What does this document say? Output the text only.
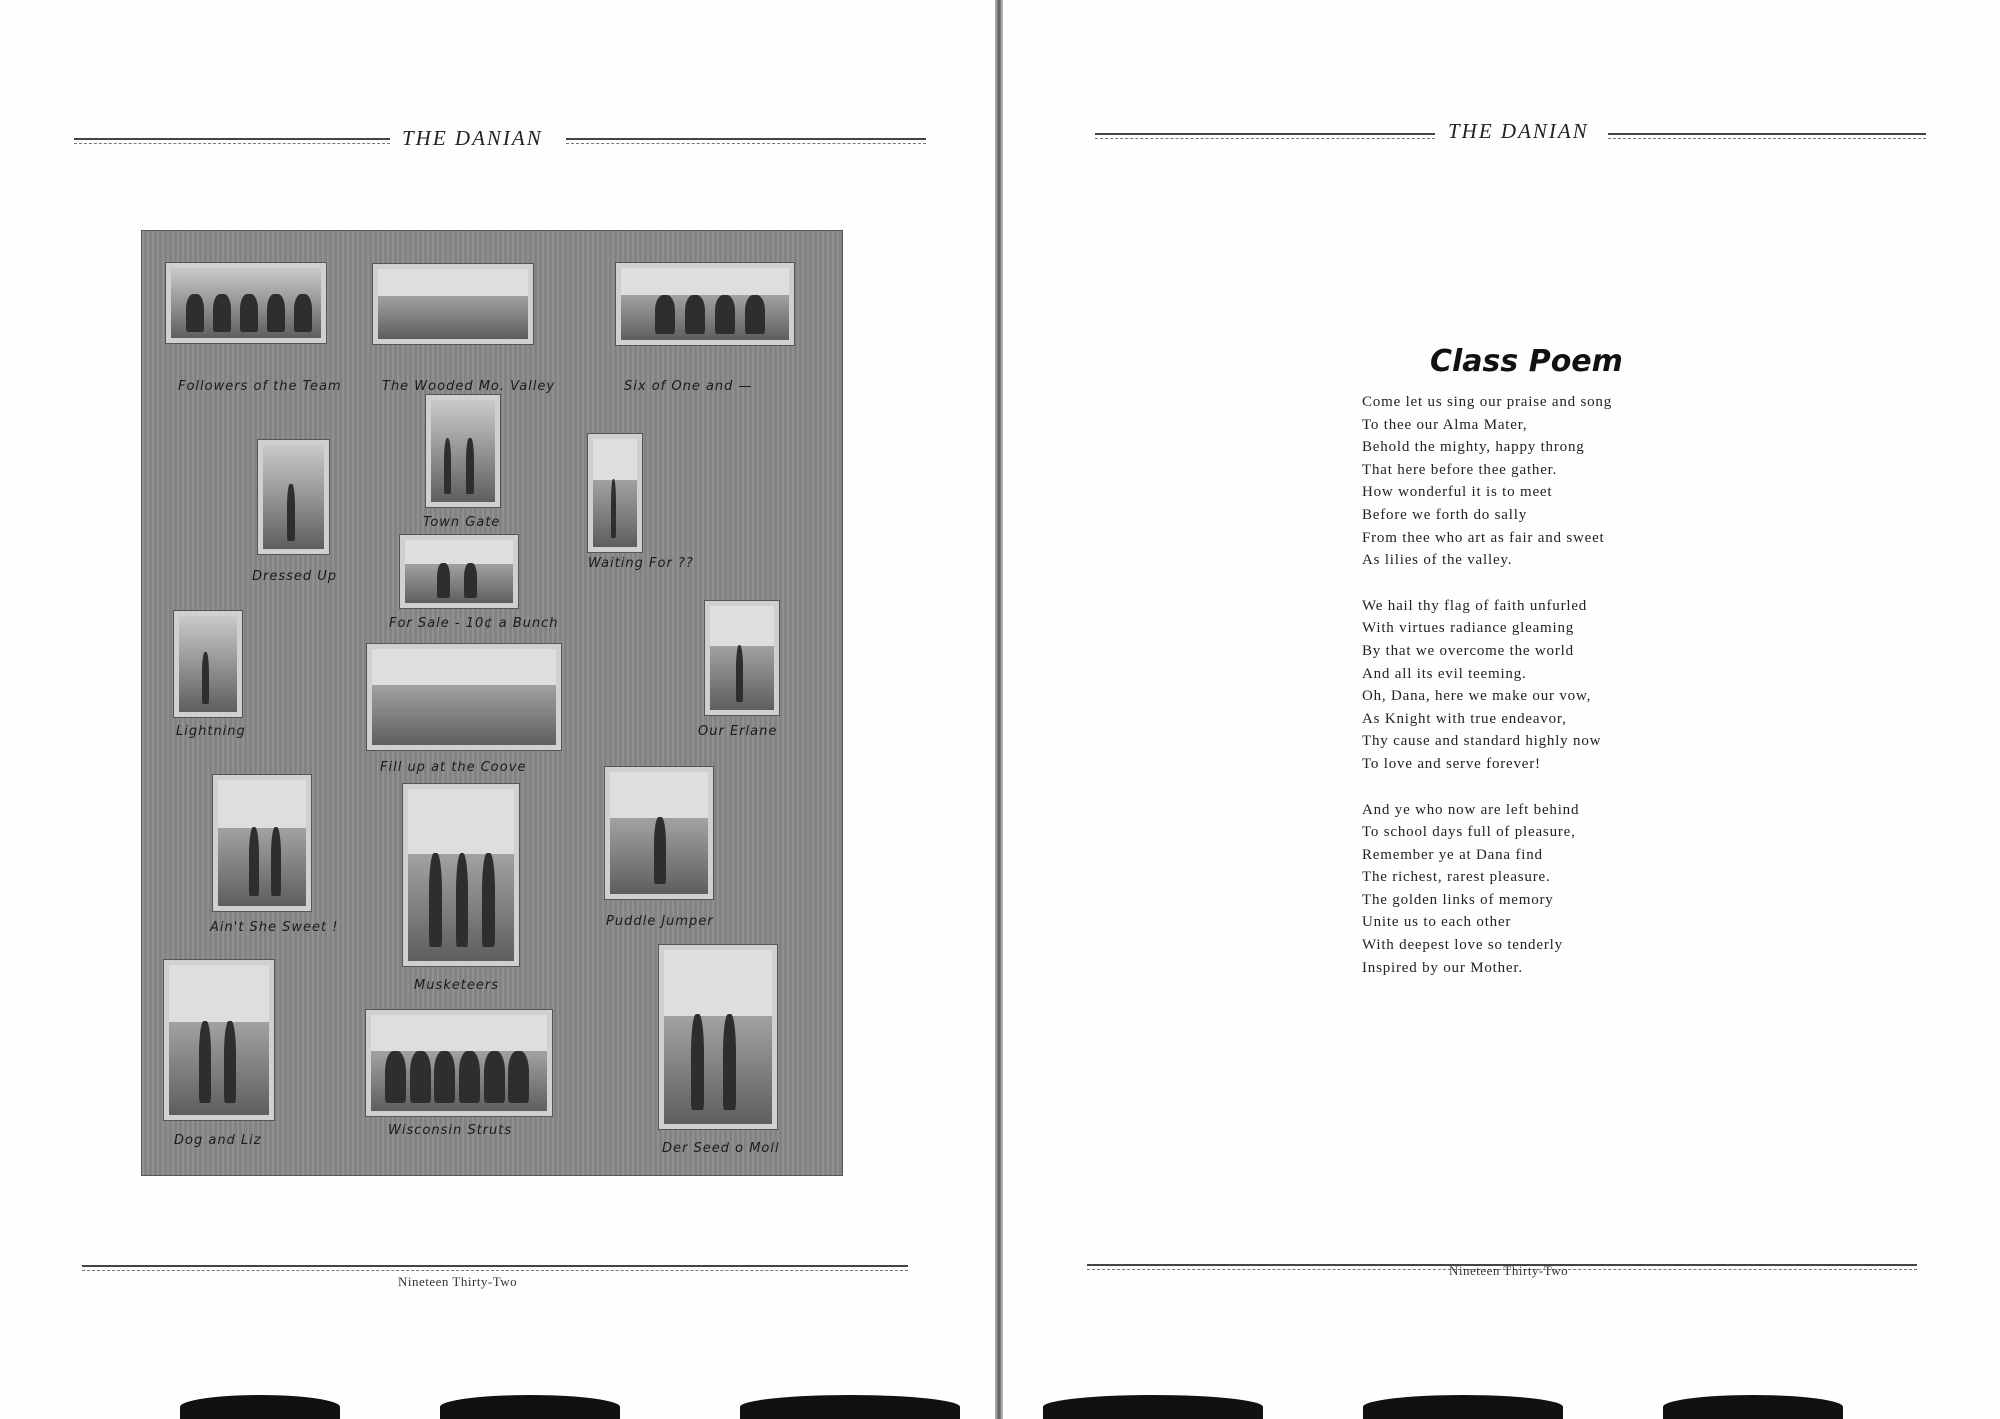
THE DANIAN
Followers of the Team	The Wooded Mo. Valley	Six of One and —
Town Gate
Dressed Up
Waiting For ??
For Sale - 10¢ a Bunch
Lightning
Fill up at the Coove
Our Erlane
Ain't She Sweet !
Musketeers
Puddle Jumper
Dog and Liz
Wisconsin Struts
Der Seed o Moll
Nineteen Thirty-Two
THE DANIAN
Nineteen Thirty-Two
Class Poem
Come let us sing our praise and song
To thee our Alma Mater,
Behold the mighty, happy throng
That here before thee gather.
How wonderful it is to meet
Before we forth do sally
From thee who art as fair and sweet
As lilies of the valley.
We hail thy flag of faith unfurled
With virtues radiance gleaming
By that we overcome the world
And all its evil teeming.
Oh, Dana, here we make our vow,
As Knight with true endeavor,
Thy cause and standard highly now
To love and serve forever!
And ye who now are left behind
To school days full of pleasure,
Remember ye at Dana find
The richest, rarest pleasure.
The golden links of memory
Unite us to each other
With deepest love so tenderly
Inspired by our Mother.
